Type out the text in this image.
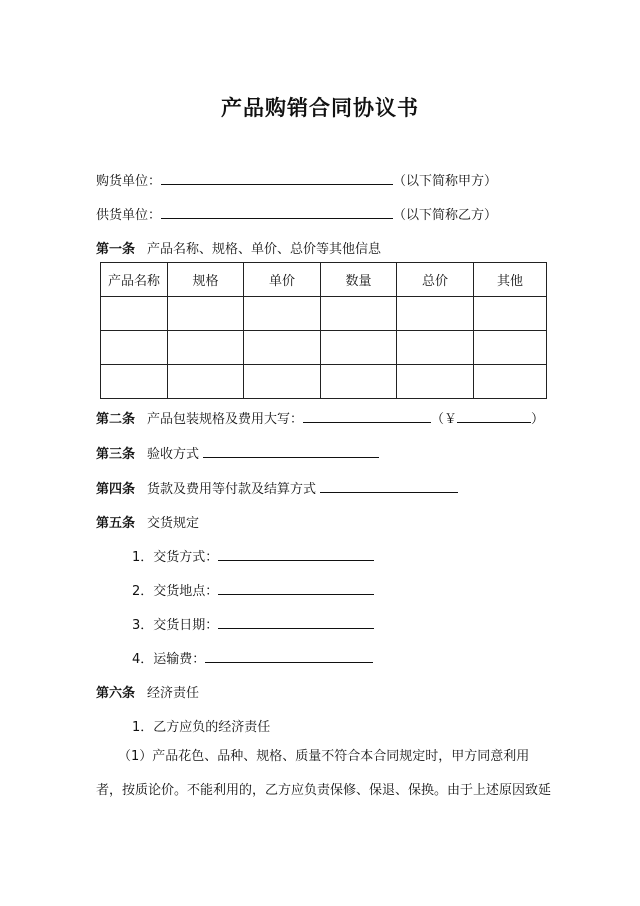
产品购销合同协议书
购货单位：	（以下简称甲方）
供货单位：	（以下简称乙方）
第一条 产品名称、规格、单价、总价等其他信息
产品名称	规格	单价	数量	总价	其他

第二条 产品包装规格及费用大写：	（￥	）
第三条 验收方式
第四条 货款及费用等付款及结算方式
第五条 交货规定
1．交货方式：
2．交货地点：
3．交货日期：
4．运输费：
第六条 经济责任
1．乙方应负的经济责任
（1）产品花色、品种、规格、质量不符合本合同规定时，甲方同意利用
者，按质论价。不能利用的，乙方应负责保修、保退、保换。由于上述原因致延
